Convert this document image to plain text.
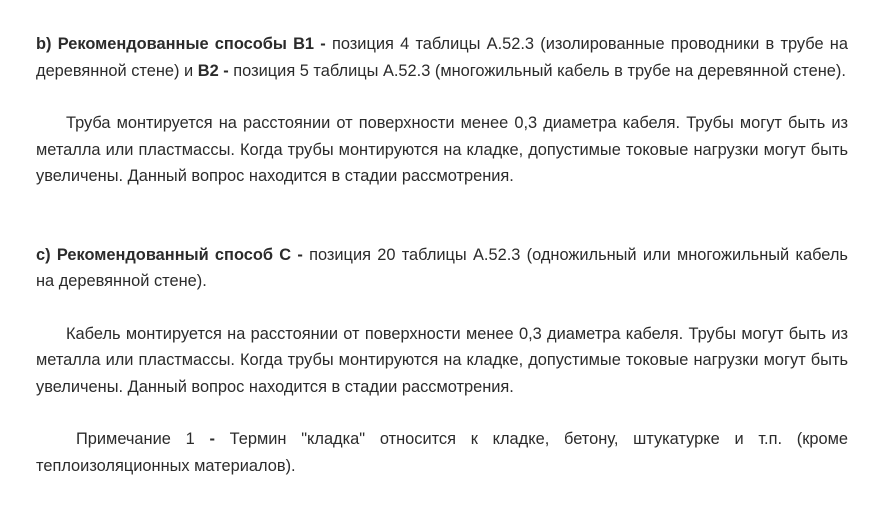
b) Рекомендованные способы В1 - позиция 4 таблицы А.52.3 (изолированные проводники в трубе на деревянной стене) и В2 - позиция 5 таблицы А.52.3 (многожильный кабель в трубе на деревянной стене).

Труба монтируется на расстоянии от поверхности менее 0,3 диаметра кабеля. Трубы могут быть из металла или пластмассы. Когда трубы монтируются на кладке, допустимые токовые нагрузки могут быть увеличены. Данный вопрос находится в стадии рассмотрения.

с) Рекомендованный способ С - позиция 20 таблицы А.52.3 (одножильный или многожильный кабель на деревянной стене).

Кабель монтируется на расстоянии от поверхности менее 0,3 диаметра кабеля. Трубы могут быть из металла или пластмассы. Когда трубы монтируются на кладке, допустимые токовые нагрузки могут быть увеличены. Данный вопрос находится в стадии рассмотрения.

Примечание 1 - Термин "кладка" относится к кладке, бетону, штукатурке и т.п. (кроме теплоизоляционных материалов).
